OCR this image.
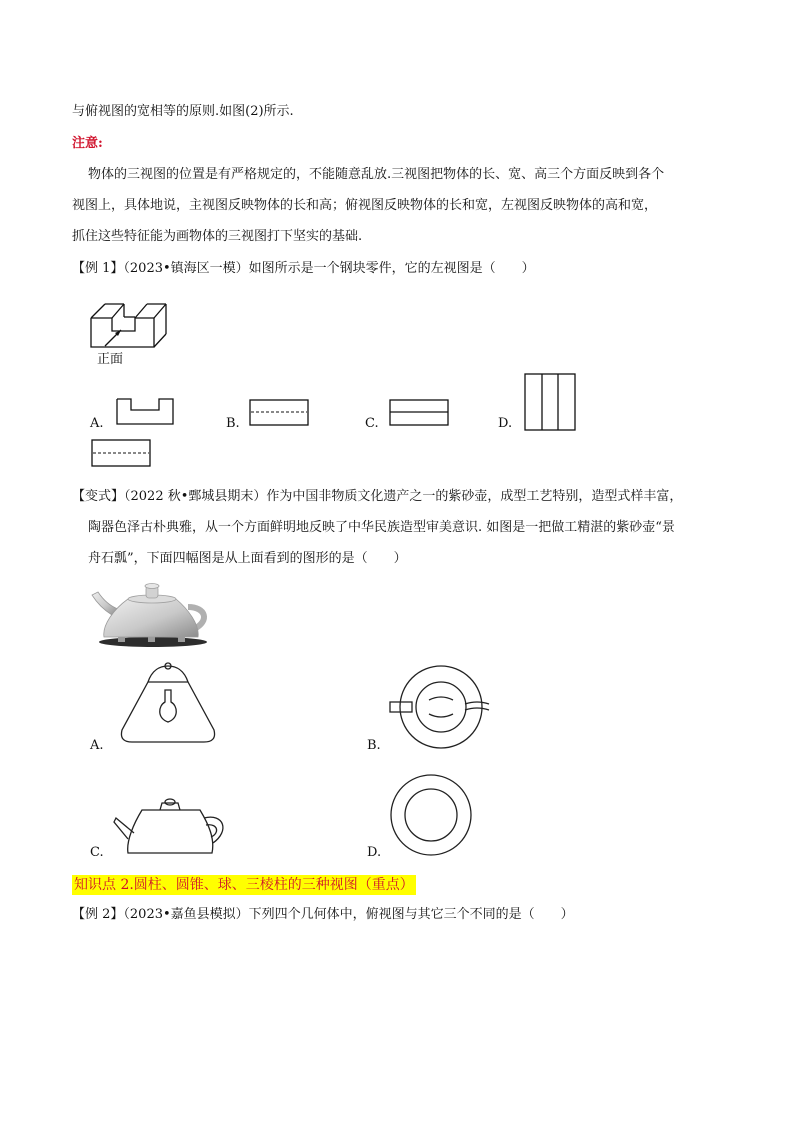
与俯视图的宽相等的原则.如图(2)所示.
注意:
物体的三视图的位置是有严格规定的，不能随意乱放.三视图把物体的长、宽、高三个方面反映到各个
视图上，具体地说，主视图反映物体的长和高；俯视图反映物体的长和宽，左视图反映物体的高和宽，
抓住这些特征能为画物体的三视图打下坚实的基础.
【例 1】（2023•镇海区一模）如图所示是一个钢块零件，它的左视图是（　　）
正面
A.	B.	C.	D.
【变式】（2022 秋•鄄城县期末）作为中国非物质文化遗产之一的紫砂壶，成型工艺特别，造型式样丰富，
陶器色泽古朴典雅，从一个方面鲜明地反映了中华民族造型审美意识. 如图是一把做工精湛的紫砂壶“景
舟石瓢”，下面四幅图是从上面看到的图形的是（　　）
A.	B.
C.	D.
知识点 2.圆柱、圆锥、球、三棱柱的三种视图（重点）
【例 2】（2023•嘉鱼县模拟）下列四个几何体中，俯视图与其它三个不同的是（　　）
